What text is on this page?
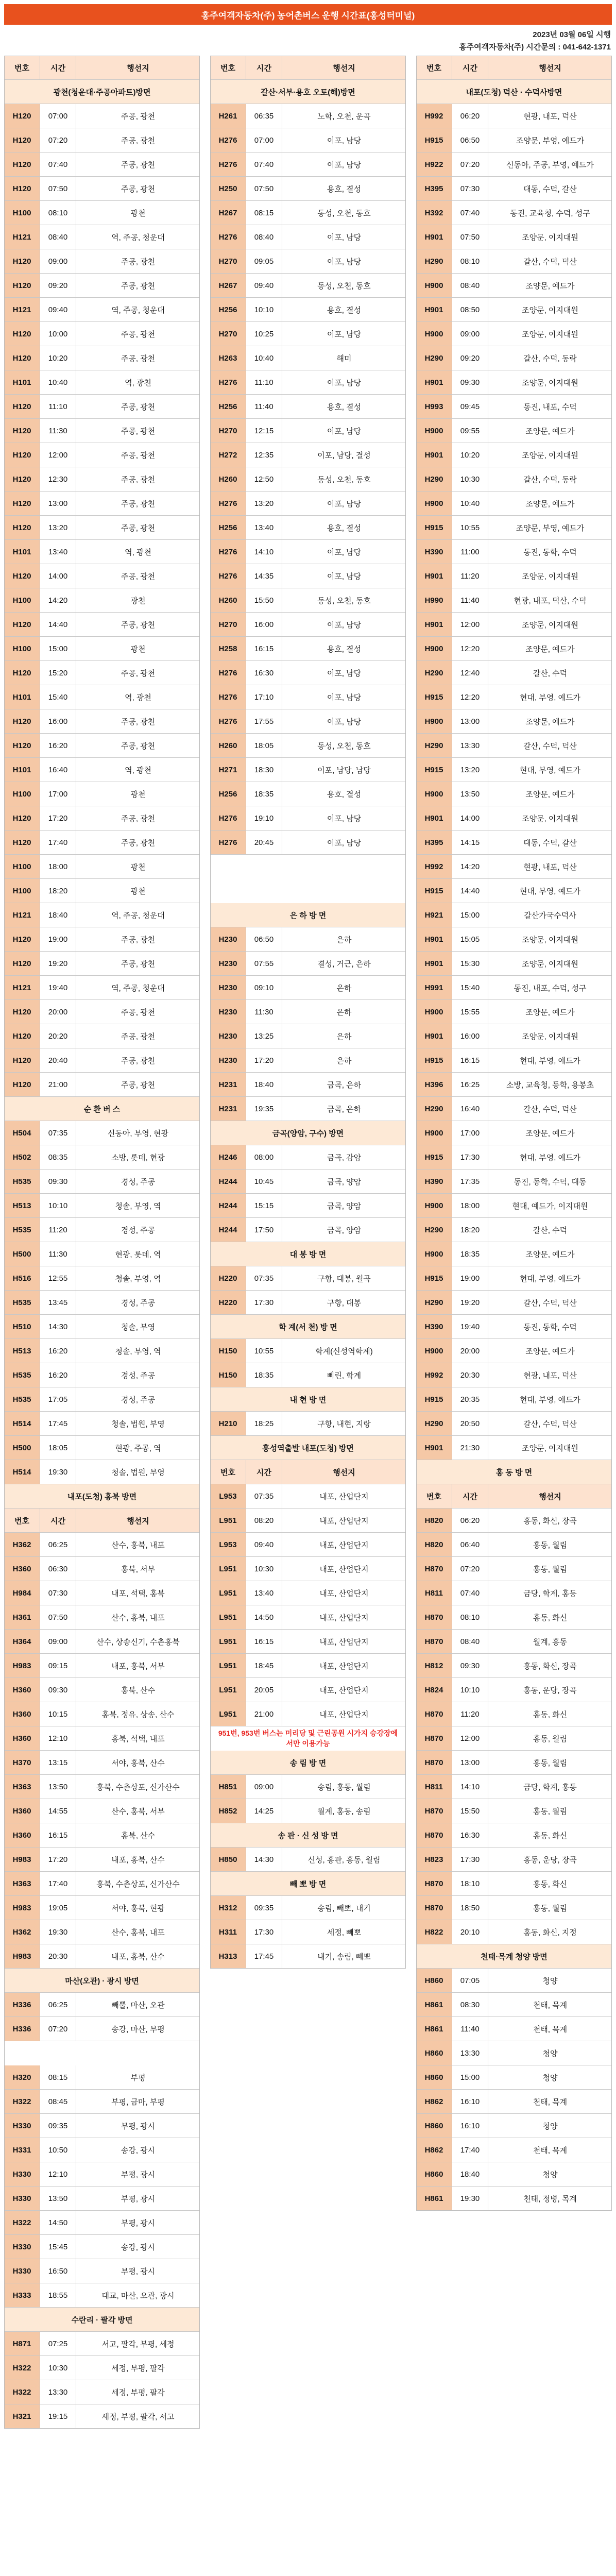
홍주여객자동차(주) 농어촌버스 운행 시간표(홍성터미널)
2023년 03월 06일 시행
홍주여객자동차(주) 시간문의 : 041-642-1371
번호	시간	행선지
광천(청운대·주공아파트)방면
H120	07:00	주공, 광천
H120	07:20	주공, 광천
H120	07:40	주공, 광천
H120	07:50	주공, 광천
H100	08:10	광천
H121	08:40	역, 주공, 청운대
H120	09:00	주공, 광천
H120	09:20	주공, 광천
H121	09:40	역, 주공, 청운대
H120	10:00	주공, 광천
H120	10:20	주공, 광천
H101	10:40	역, 광천
H120	11:10	주공, 광천
H120	11:30	주공, 광천
H120	12:00	주공, 광천
H120	12:30	주공, 광천
H120	13:00	주공, 광천
H120	13:20	주공, 광천
H101	13:40	역, 광천
H120	14:00	주공, 광천
H100	14:20	광천
H120	14:40	주공, 광천
H100	15:00	광천
H120	15:20	주공, 광천
H101	15:40	역, 광천
H120	16:00	주공, 광천
H120	16:20	주공, 광천
H101	16:40	역, 광천
H100	17:00	광천
H120	17:20	주공, 광천
H120	17:40	주공, 광천
H100	18:00	광천
H100	18:20	광천
H121	18:40	역, 주공, 청운대
H120	19:00	주공, 광천
H120	19:20	주공, 광천
H121	19:40	역, 주공, 청운대
H120	20:00	주공, 광천
H120	20:20	주공, 광천
H120	20:40	주공, 광천
H120	21:00	주공, 광천
순 환 버 스
H504	07:35	신동아, 부영, 현광
H502	08:35	소방, 롯데, 현광
H535	09:30	경성, 주공
H513	10:10	청솔, 부영, 역
H535	11:20	경성, 주공
H500	11:30	현광, 롯데, 역
H516	12:55	청솔, 부영, 역
H535	13:45	경성, 주공
H510	14:30	청솔, 부영
H513	16:20	청솔, 부영, 역
H535	16:20	경성, 주공
H535	17:05	경성, 주공
H514	17:45	청솔, 법원, 부영
H500	18:05	현광, 주공, 역
H514	19:30	청솔, 법원, 부영
내포(도청) 홍북 방면
번호	시간	행선지
H362	06:25	산수, 홍북, 내포
H360	06:30	홍북, 서부
H984	07:30	내포, 석택, 홍북
H361	07:50	산수, 홍북, 내포
H364	09:00	산수, 상송신기, 수촌홍북
H983	09:15	내포, 홍북, 서부
H360	09:30	홍북, 산수
H360	10:15	홍북, 정유, 상송, 산수
H360	12:10	홍북, 석택, 내포
H370	13:15	서야, 홍북, 산수
H363	13:50	홍북, 수촌상포, 신가산수
H360	14:55	산수, 홍북, 서부
H360	16:15	홍북, 산수
H983	17:20	내포, 홍북, 산수
H363	17:40	홍북, 수촌상포, 신가산수
H983	19:05	서야, 홍북, 현광
H362	19:30	산수, 홍북, 내포
H983	20:30	내포, 홍북, 산수
마산(오관) · 광시 방면
H336	06:25	빼뿔, 마산, 오관
H336	07:20	송강, 마산, 부평
H320	08:15	부평
H322	08:45	부평, 금마, 부평
H330	09:35	부평, 광시
H331	10:50	송강, 광시
H330	12:10	부평, 광시
H330	13:50	부평, 광시
H322	14:50	부평, 광시
H330	15:45	송강, 광시
H330	16:50	부평, 광시
H333	18:55	대교, 마산, 오관, 광시
수란리 · 팔각 방면
H871	07:25	서고, 팔각, 부평, 세정
H322	10:30	세정, 부평, 팔각
H322	13:30	세정, 부평, 팔각
H321	19:15	세정, 부평, 팔각, 서고
번호	시간	행선지
갈산·서부·용호 오토(해)방면
H261	06:35	노학, 오천, 운곡
H276	07:00	이포, 남당
H276	07:40	이포, 남당
H250	07:50	용호, 결성
H267	08:15	동성, 오천, 동호
H276	08:40	이포, 남당
H270	09:05	이포, 남당
H267	09:40	동성, 오천, 동호
H256	10:10	용호, 결성
H270	10:25	이포, 남당
H263	10:40	해미
H276	11:10	이포, 남당
H256	11:40	용호, 결성
H270	12:15	이포, 남당
H272	12:35	이포, 남당, 결성
H260	12:50	동성, 오천, 동호
H276	13:20	이포, 남당
H256	13:40	용호, 결성
H276	14:10	이포, 남당
H276	14:35	이포, 남당
H260	15:50	동성, 오천, 동호
H270	16:00	이포, 남당
H258	16:15	용호, 결성
H276	16:30	이포, 남당
H276	17:10	이포, 남당
H276	17:55	이포, 남당
H260	18:05	동성, 오천, 동호
H271	18:30	이포, 남당, 남당
H256	18:35	용호, 결성
H276	19:10	이포, 남당
H276	20:45	이포, 남당
은 하 방 면
H230	06:50	은하
H230	07:55	결성, 거근, 은하
H230	09:10	은하
H230	11:30	은하
H230	13:25	은하
H230	17:20	은하
H231	18:40	금곡, 은하
H231	19:35	금곡, 은하
금곡(양암, 구수) 방면
H246	08:00	금곡, 감암
H244	10:45	금곡, 양암
H244	15:15	금곡, 양암
H244	17:50	금곡, 양암
대 봉 방 면
H220	07:35	구항, 대봉, 월곡
H220	17:30	구항, 대봉
학 계(서 천) 방 면
H150	10:55	학계(신성역학계)
H150	18:35	삐린, 학계
내 현 방 면
H210	18:25	구항, 내현, 지랑
홍성역출발 내포(도청) 방면
번호	시간	행선지
L953	07:35	내포, 산업단지
L951	08:20	내포, 산업단지
L953	09:40	내포, 산업단지
L951	10:30	내포, 산업단지
L951	13:40	내포, 산업단지
L951	14:50	내포, 산업단지
L951	16:15	내포, 산업단지
L951	18:45	내포, 산업단지
L951	20:05	내포, 산업단지
L951	21:00	내포, 산업단지
951번, 953번 버스는 미리당 및 근린공원 시가지 승강장에서만 이용가능
송 림 방 면
H851	09:00	송림, 홍동, 월림
H852	14:25	월계, 홍동, 송림
송 판 · 신 성 방 면
H850	14:30	신성, 홍판, 홍동, 월림
빼 뽀 방 면
H312	09:35	송림, 빼뽀, 내기
H311	17:30	세정, 빼뽀
H313	17:45	내기, 송림, 빼뽀
번호	시간	행선지
내포(도청) 덕산 · 수덕사방면
H992	06:20	현광, 내포, 덕산
H915	06:50	조양문, 부영, 예드가
H922	07:20	신동아, 주공, 부영, 예드가
H395	07:30	대동, 수덕, 갈산
H392	07:40	동진, 교육청, 수덕, 성구
H901	07:50	조양문, 이지대원
H290	08:10	갈산, 수덕, 덕산
H900	08:40	조양문, 예드가
H901	08:50	조양문, 이지대원
H900	09:00	조양문, 이지대원
H290	09:20	갈산, 수덕, 동락
H901	09:30	조양문, 이지대원
H993	09:45	동진, 내포, 수덕
H900	09:55	조양문, 예드가
H901	10:20	조양문, 이지대원
H290	10:30	갈산, 수덕, 동락
H900	10:40	조양문, 예드가
H915	10:55	조양문, 부영, 예드가
H390	11:00	동진, 동학, 수덕
H901	11:20	조양문, 이지대원
H990	11:40	현광, 내포, 덕산, 수덕
H901	12:00	조양문, 이지대원
H900	12:20	조양문, 예드가
H290	12:40	갈산, 수덕
H915	12:20	현대, 부영, 예드가
H900	13:00	조양문, 예드가
H290	13:30	갈산, 수덕, 덕산
H915	13:20	현대, 부영, 예드가
H900	13:50	조양문, 예드가
H901	14:00	조양문, 이지대원
H395	14:15	대동, 수덕, 갈산
H992	14:20	현광, 내포, 덕산
H915	14:40	현대, 부영, 예드가
H921	15:00	갈산가국수덕사
H901	15:05	조양문, 이지대원
H901	15:30	조양문, 이지대원
H991	15:40	동진, 내포, 수덕, 성구
H900	15:55	조양문, 예드가
H901	16:00	조양문, 이지대원
H915	16:15	현대, 부영, 예드가
H396	16:25	소방, 교육청, 동학, 용봉초
H290	16:40	갈산, 수덕, 덕산
H900	17:00	조양문, 예드가
H915	17:30	현대, 부영, 예드가
H390	17:35	동진, 동학, 수덕, 대동
H900	18:00	현대, 예드가, 이지대원
H290	18:20	갈산, 수덕
H900	18:35	조양문, 예드가
H915	19:00	현대, 부영, 예드가
H290	19:20	갈산, 수덕, 덕산
H390	19:40	동진, 동학, 수덕
H900	20:00	조양문, 예드가
H992	20:30	현광, 내포, 덕산
H915	20:35	현대, 부영, 예드가
H290	20:50	갈산, 수덕, 덕산
H901	21:30	조양문, 이지대원
홍 동 방 면
번호	시간	행선지
H820	06:20	홍동, 화신, 장곡
H820	06:40	홍동, 월림
H870	07:20	홍동, 월림
H811	07:40	금당, 학계, 홍동
H870	08:10	홍동, 화신
H870	08:40	월계, 홍동
H812	09:30	홍동, 화신, 장곡
H824	10:10	홍동, 운당, 장곡
H870	11:20	홍동, 화신
H870	12:00	홍동, 월림
H870	13:00	홍동, 월림
H811	14:10	금당, 학계, 홍동
H870	15:50	홍동, 월림
H870	16:30	홍동, 화신
H823	17:30	홍동, 운당, 장곡
H870	18:10	홍동, 화신
H870	18:50	홍동, 월림
H822	20:10	홍동, 화신, 지정
천태·목계 청양 방면
H860	07:05	청양
H861	08:30	천태, 목계
H861	11:40	천태, 목계
H860	13:30	청양
H860	15:00	청양
H862	16:10	천태, 목계
H860	16:10	청양
H862	17:40	천태, 목계
H860	18:40	청양
H861	19:30	천태, 정병, 목계
